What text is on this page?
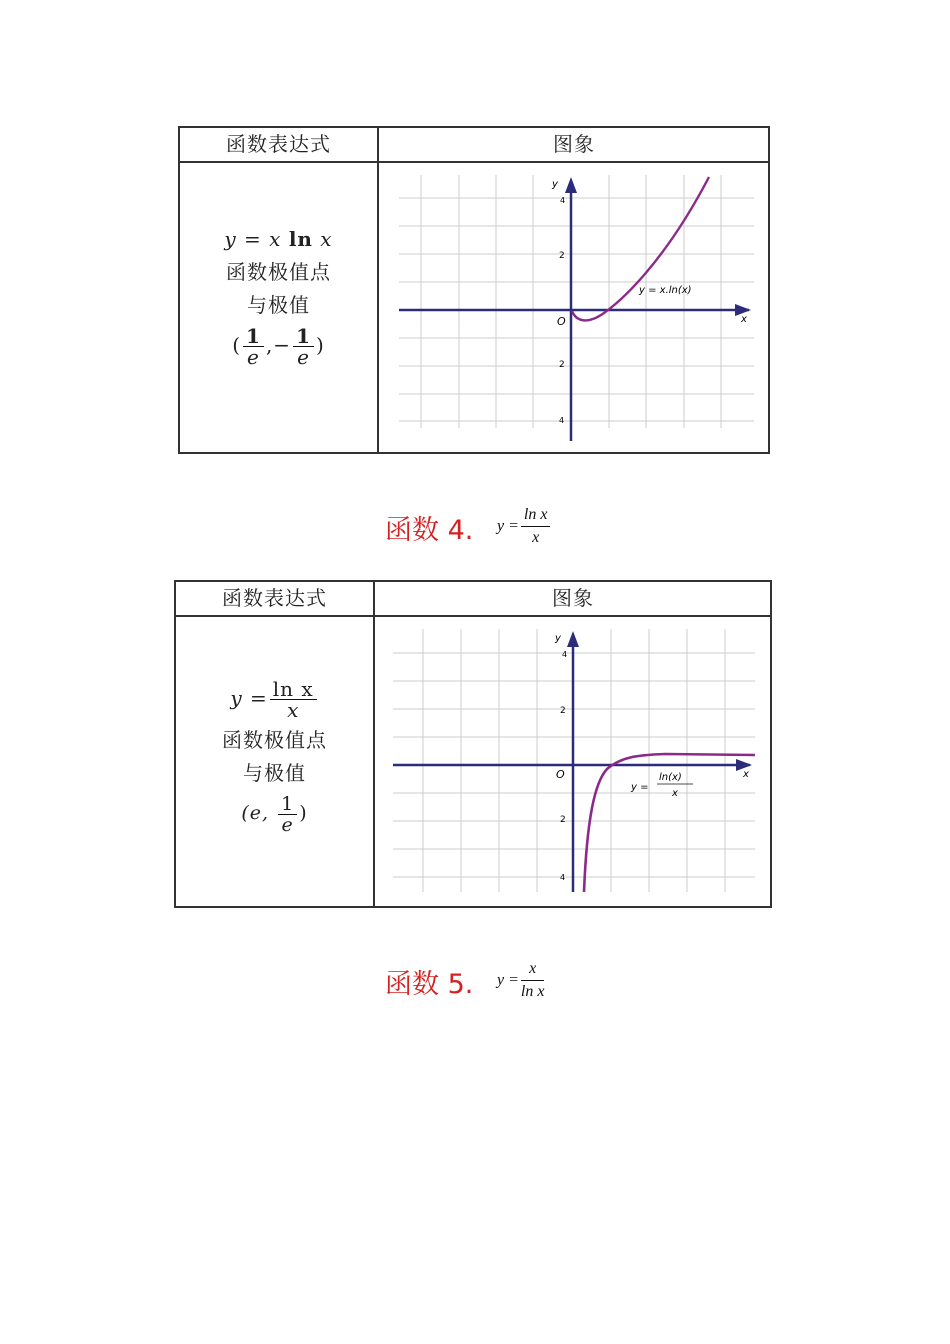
函数表达式	图象
y = x ln x
函数极值点
与极值
( $\frac{1}{e}$ ,− $\frac{1}{e}$ )
y
x
O
4
2
2
4
y = x.ln(x)
函数 4. $y = \frac{\text{ln x}}{x}$
函数表达式	图象
$y = \frac{\text{ln x}}{x}$
函数极值点
与极值
(e, $\frac{1}{e}$ )
y
x
O
4
2
2
4
y =
ln(x)
x
函数 5. $y = \frac{x}{\text{ln x}}$
